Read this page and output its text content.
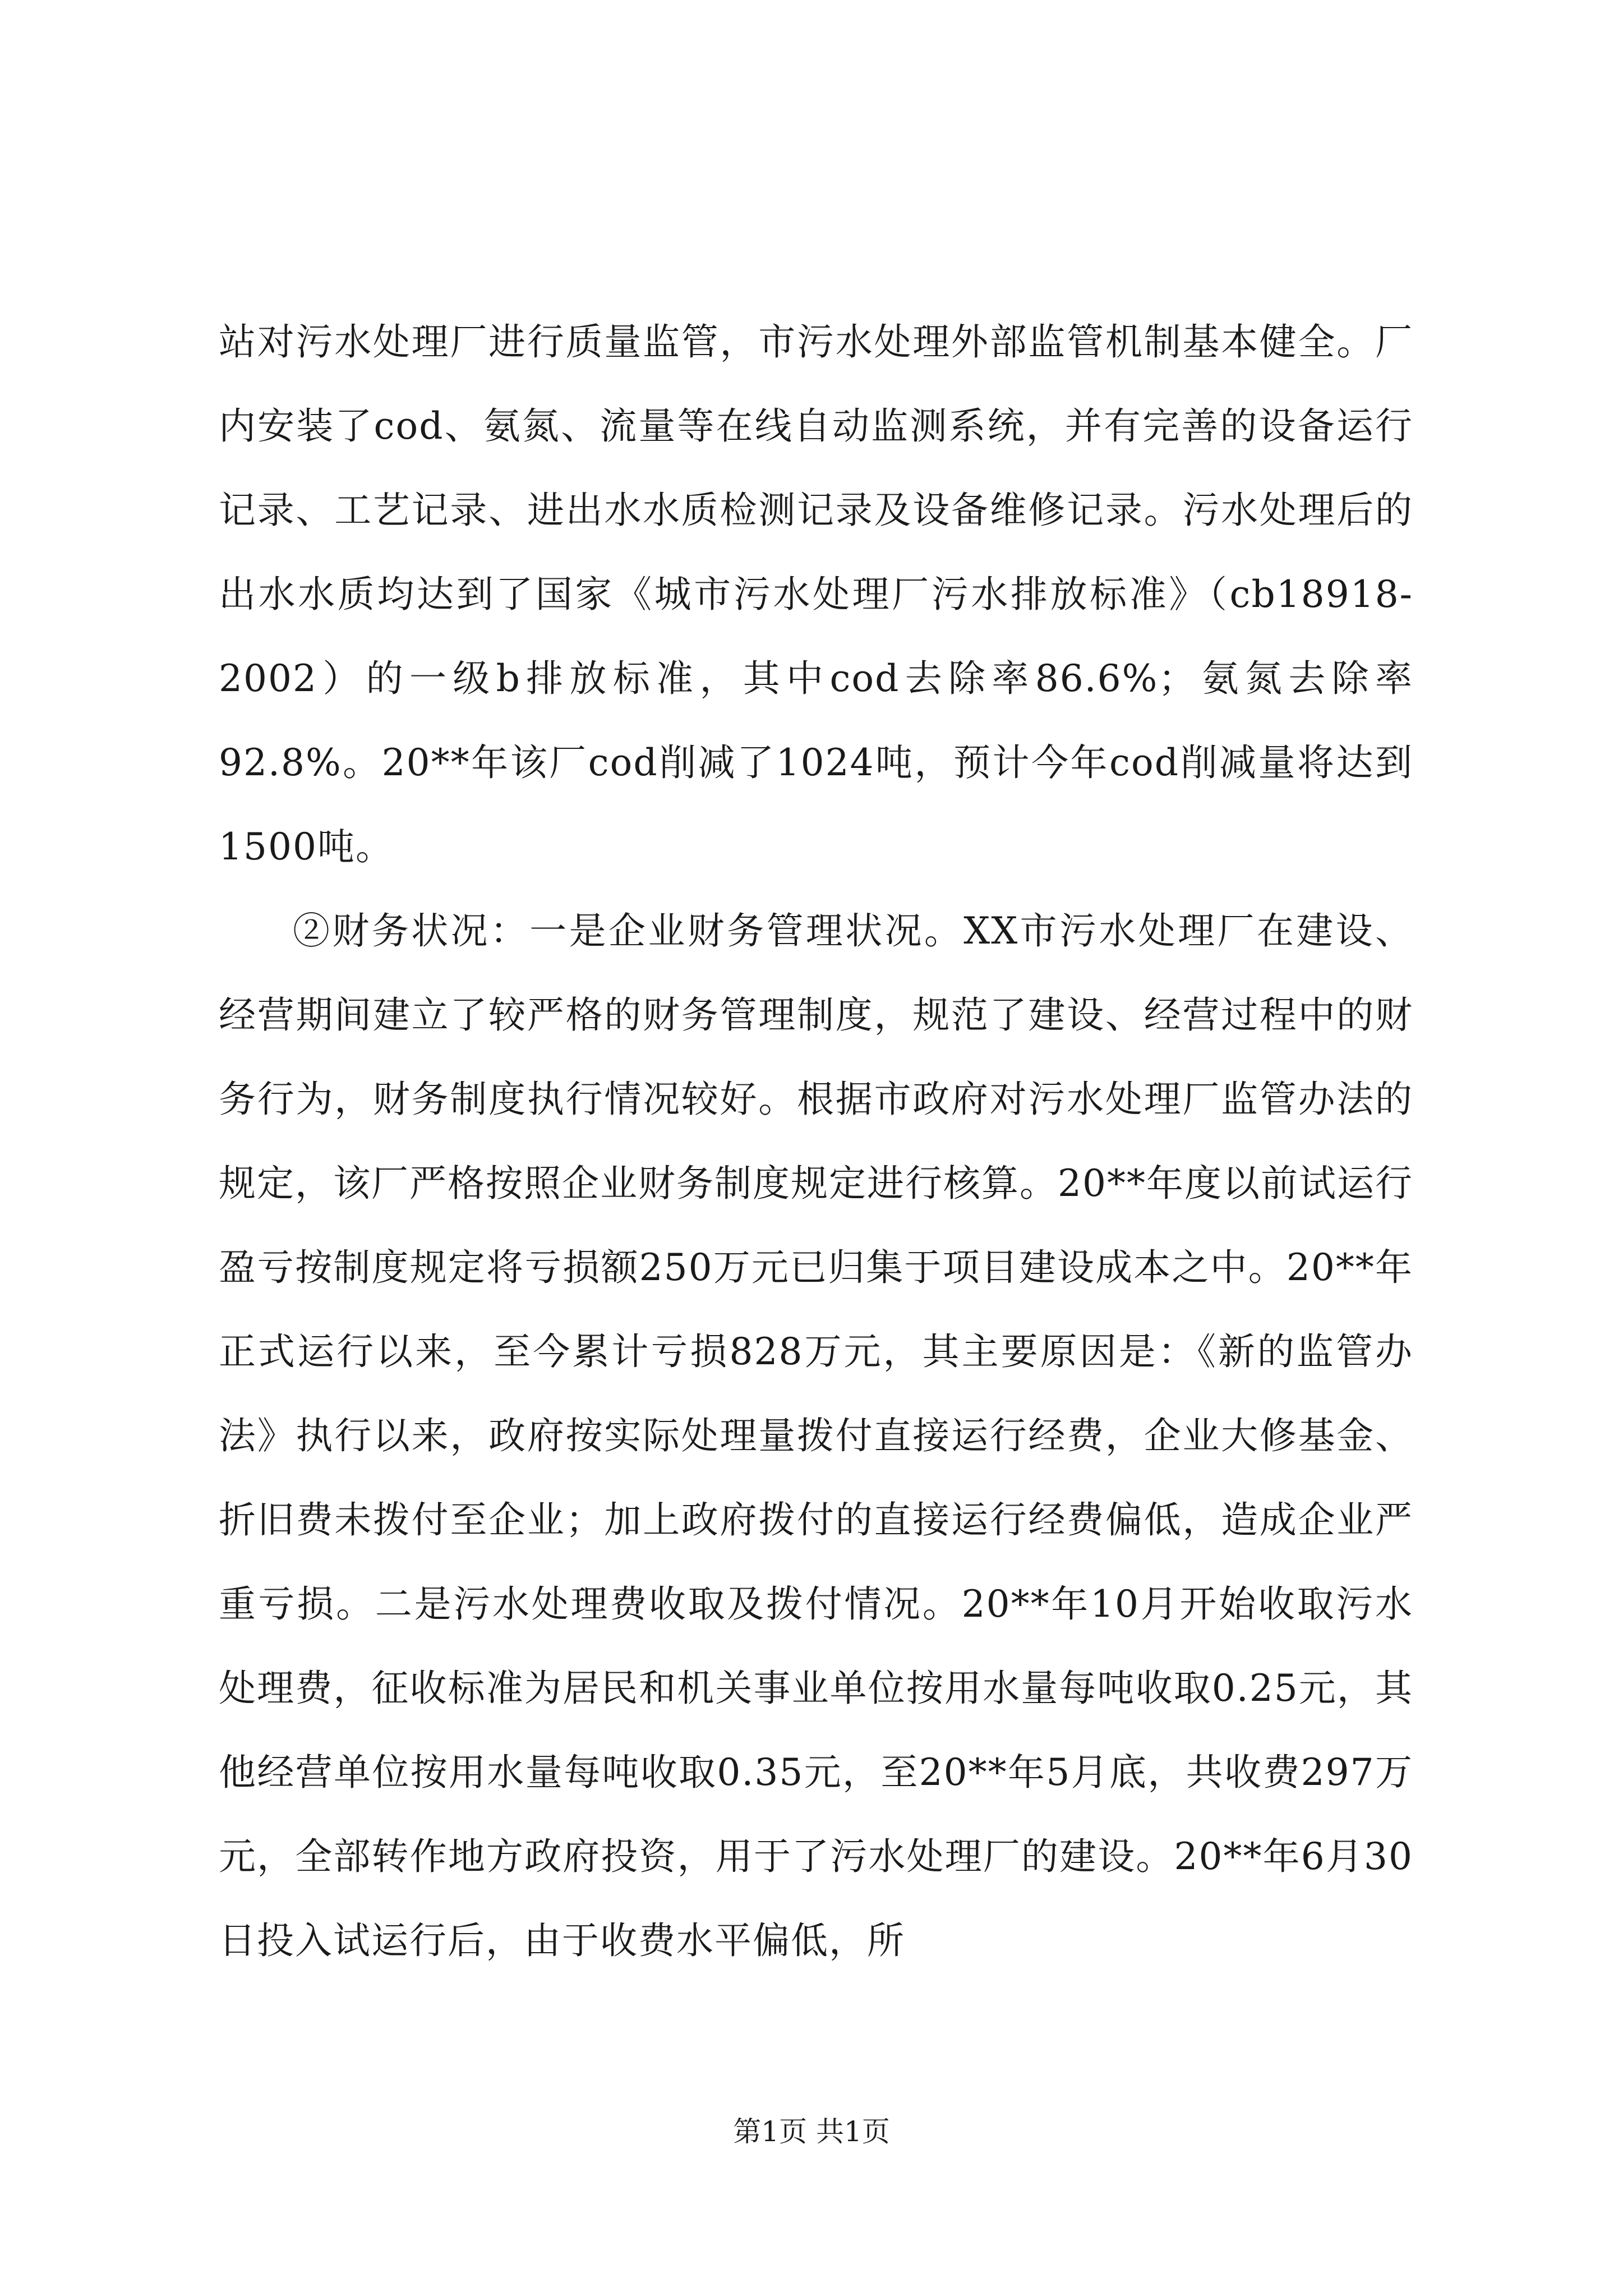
站对污水处理厂进行质量监管，市污水处理外部监管机制基本健全。厂内安装了cod、氨氮、流量等在线自动监测系统，并有完善的设备运行记录、工艺记录、进出水水质检测记录及设备维修记录。污水处理后的出水水质均达到了国家《城市污水处理厂污水排放标准》（cb18918-2002）的一级b排放标准，其中cod去除率86.6%；氨氮去除率92.8%。20**年该厂cod削减了1024吨，预计今年cod削减量将达到1500吨。

②财务状况：一是企业财务管理状况。XX市污水处理厂在建设、经营期间建立了较严格的财务管理制度，规范了建设、经营过程中的财务行为，财务制度执行情况较好。根据市政府对污水处理厂监管办法的规定，该厂严格按照企业财务制度规定进行核算。20**年度以前试运行盈亏按制度规定将亏损额250万元已归集于项目建设成本之中。20**年正式运行以来，至今累计亏损828万元，其主要原因是：《新的监管办法》执行以来，政府按实际处理量拨付直接运行经费，企业大修基金、折旧费未拨付至企业；加上政府拨付的直接运行经费偏低，造成企业严重亏损。二是污水处理费收取及拨付情况。20**年10月开始收取污水处理费，征收标准为居民和机关事业单位按用水量每吨收取0.25元，其他经营单位按用水量每吨收取0.35元，至20**年5月底，共收费297万元，全部转作地方政府投资，用于了污水处理厂的建设。20**年6月30日投入试运行后，由于收费水平偏低，所

第1页 共1页
